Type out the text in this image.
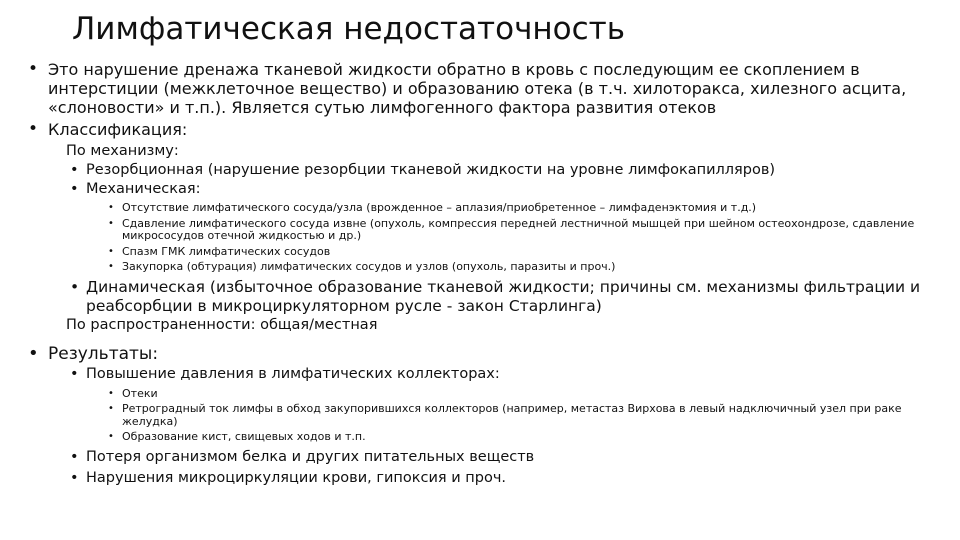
Лимфатическая недостаточность
• Это нарушение дренажа тканевой жидкости обратно в кровь с последующим ее скоплением в интерстиции (межклеточное вещество) и образованию отека (в т.ч. хилоторакса, хилезного асцита, «слоновости» и т.п.). Является сутью лимфогенного фактора развития отеков
• Классификация:
По механизму:
• Резорбционная (нарушение резорбции тканевой жидкости на уровне лимфокапилляров)
• Механическая:
• Отсутствие лимфатического сосуда/узла (врожденное – аплазия/приобретенное – лимфаденэктомия и т.д.)
• Сдавление лимфатического сосуда извне (опухоль, компрессия передней лестничной мышцей при шейном остеохондрозе, сдавление микрососудов отечной жидкостью и др.)
• Спазм ГМК лимфатических сосудов
• Закупорка (обтурация) лимфатических сосудов и узлов (опухоль, паразиты и проч.)
• Динамическая (избыточное образование тканевой жидкости; причины см. механизмы фильтрации и реабсорбции в микроциркуляторном русле - закон Старлинга)
По распространенности: общая/местная
• Результаты:
• Повышение давления в лимфатических коллекторах:
• Отеки
• Ретроградный ток лимфы в обход закупорившихся коллекторов (например, метастаз Вирхова в левый надключичный узел при раке желудка)
• Образование кист, свищевых ходов и т.п.
• Потеря организмом белка и других питательных веществ
• Нарушения микроциркуляции крови, гипоксия и проч.
